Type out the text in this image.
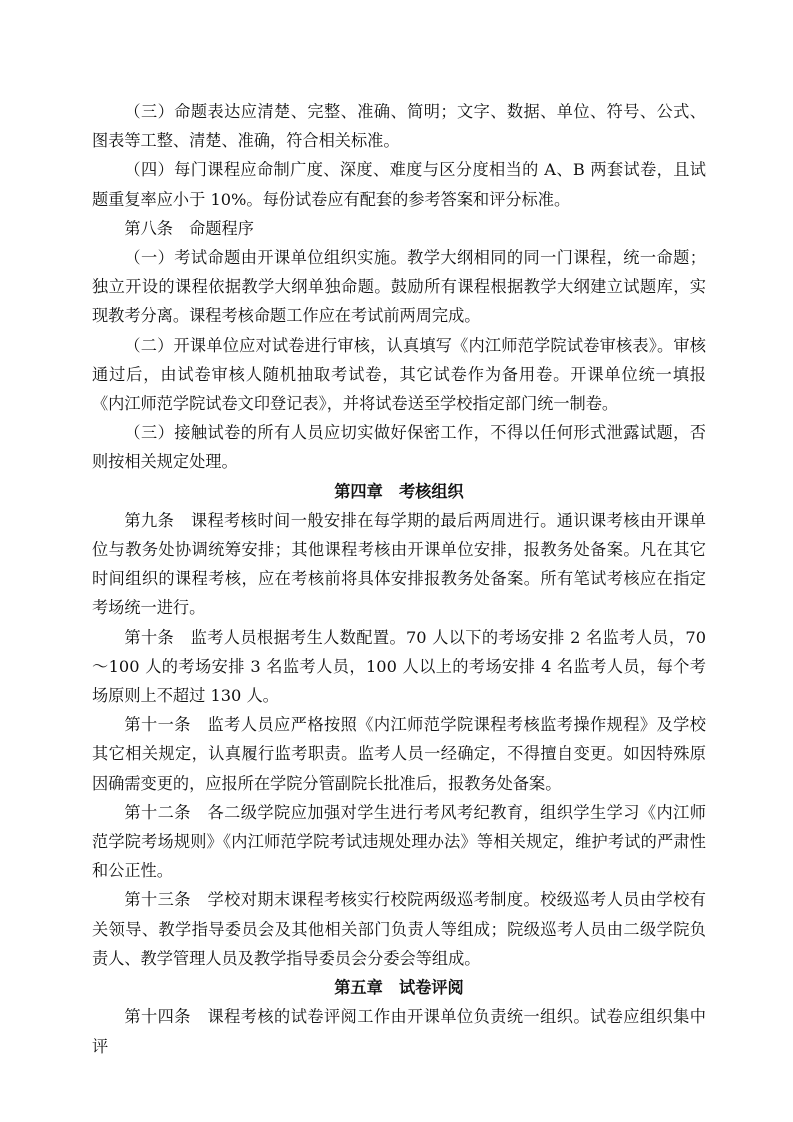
（三）命题表达应清楚、完整、准确、简明；文字、数据、单位、符号、公式、图表等工整、清楚、准确，符合相关标准。

（四）每门课程应命制广度、深度、难度与区分度相当的 A、B 两套试卷，且试题重复率应小于 10%。每份试卷应有配套的参考答案和评分标准。

第八条　命题程序

（一）考试命题由开课单位组织实施。教学大纲相同的同一门课程，统一命题；独立开设的课程依据教学大纲单独命题。鼓励所有课程根据教学大纲建立试题库，实现教考分离。课程考核命题工作应在考试前两周完成。

（二）开课单位应对试卷进行审核，认真填写《内江师范学院试卷审核表》。审核通过后，由试卷审核人随机抽取考试卷，其它试卷作为备用卷。开课单位统一填报《内江师范学院试卷文印登记表》，并将试卷送至学校指定部门统一制卷。

（三）接触试卷的所有人员应切实做好保密工作，不得以任何形式泄露试题，否则按相关规定处理。

第四章　考核组织

第九条　课程考核时间一般安排在每学期的最后两周进行。通识课考核由开课单位与教务处协调统筹安排；其他课程考核由开课单位安排，报教务处备案。凡在其它时间组织的课程考核，应在考核前将具体安排报教务处备案。所有笔试考核应在指定考场统一进行。

第十条　监考人员根据考生人数配置。70 人以下的考场安排 2 名监考人员，70～100 人的考场安排 3 名监考人员，100 人以上的考场安排 4 名监考人员，每个考场原则上不超过 130 人。

第十一条　监考人员应严格按照《内江师范学院课程考核监考操作规程》及学校其它相关规定，认真履行监考职责。监考人员一经确定，不得擅自变更。如因特殊原因确需变更的，应报所在学院分管副院长批准后，报教务处备案。

第十二条　各二级学院应加强对学生进行考风考纪教育，组织学生学习《内江师范学院考场规则》《内江师范学院考试违规处理办法》等相关规定，维护考试的严肃性和公正性。

第十三条　学校对期末课程考核实行校院两级巡考制度。校级巡考人员由学校有关领导、教学指导委员会及其他相关部门负责人等组成；院级巡考人员由二级学院负责人、教学管理人员及教学指导委员会分委会等组成。

第五章　试卷评阅

第十四条　课程考核的试卷评阅工作由开课单位负责统一组织。试卷应组织集中评
